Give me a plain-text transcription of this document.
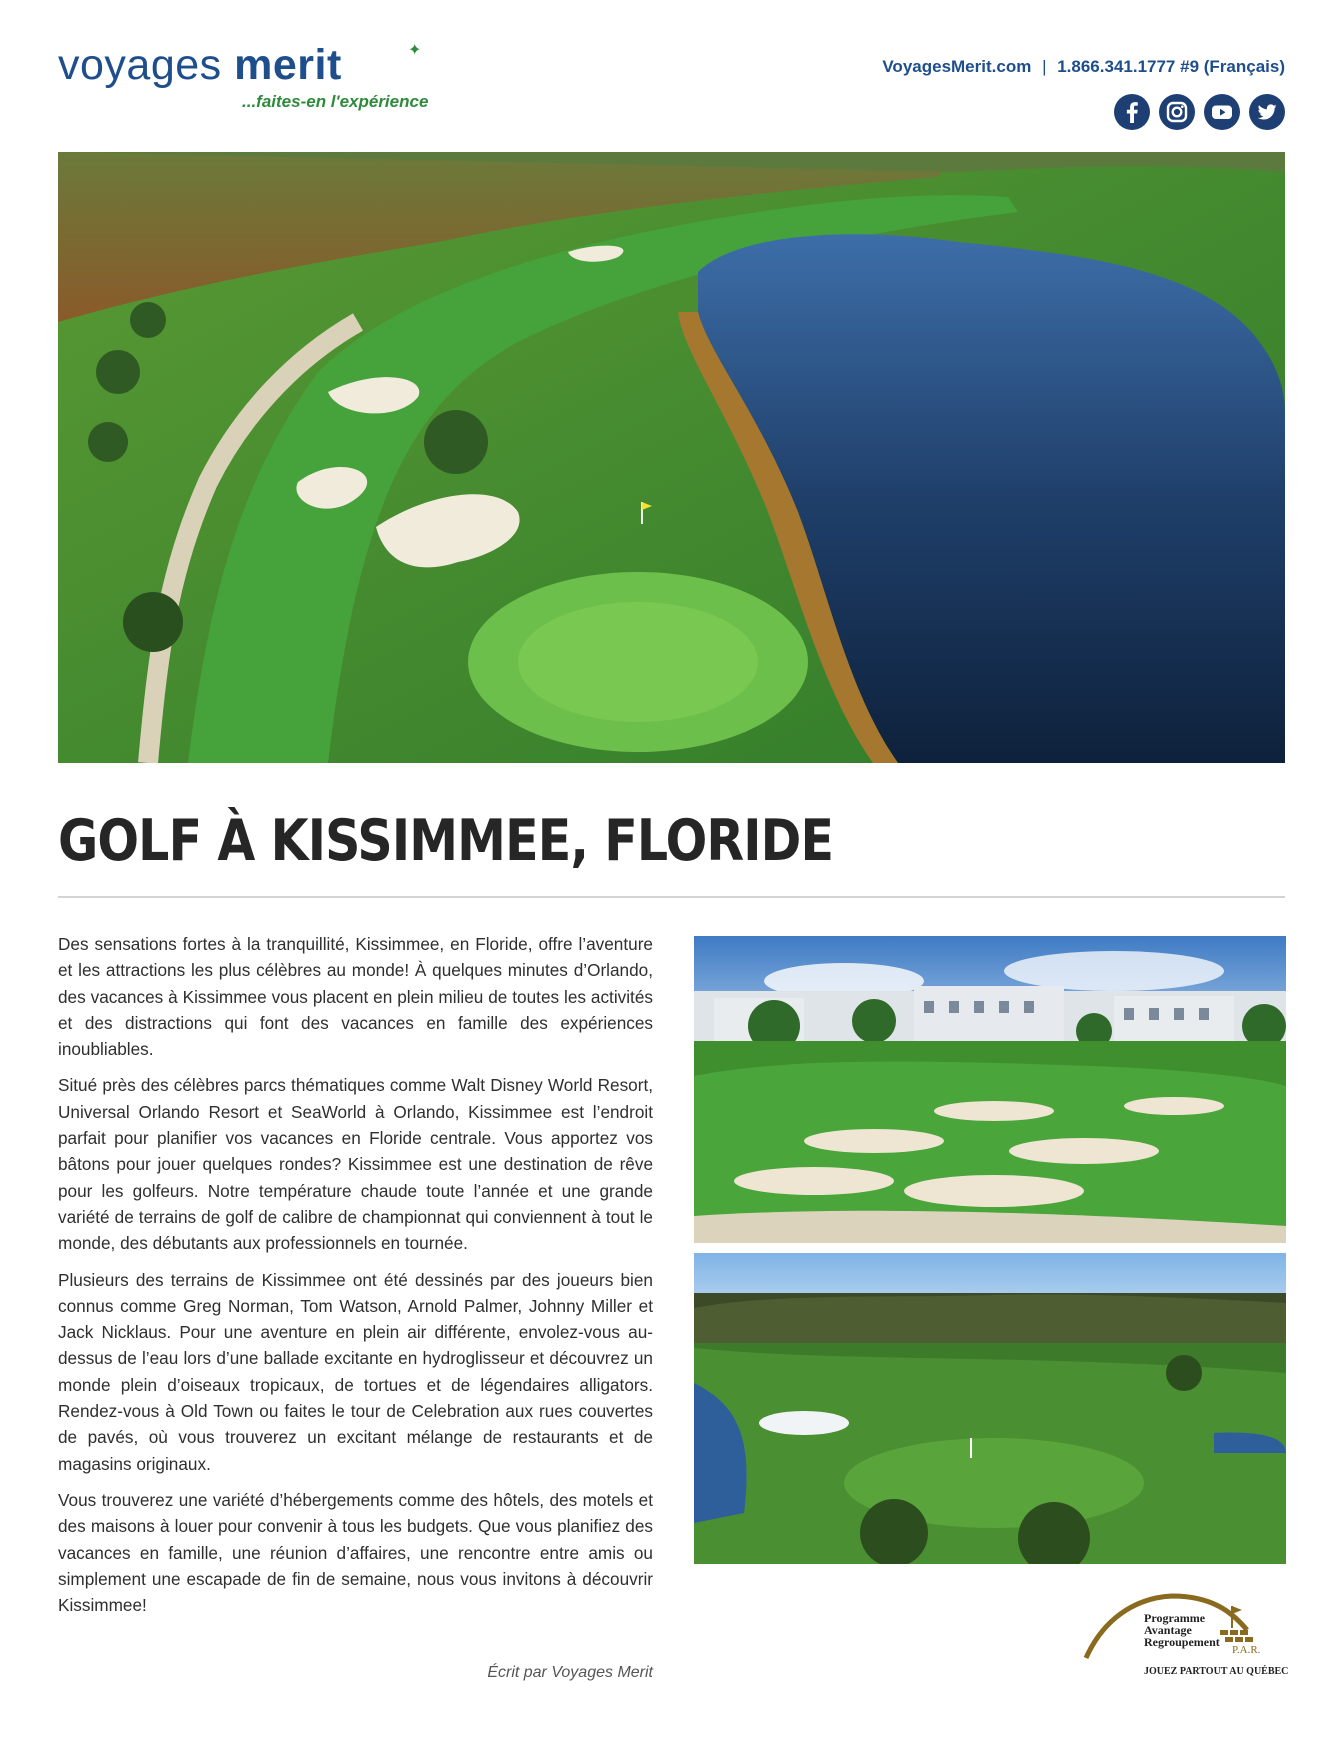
voyages merit	✦
...faites-en l'expérience
VoyagesMerit.com | 1.866.341.1777 #9 (Français)
GOLF À KISSIMMEE, FLORIDE

Des sensations fortes à la tranquillité, Kissimmee, en Floride, offre l’aventure et les attractions les plus célèbres au monde! À quelques minutes d’Orlando, des vacances à Kissimmee vous placent en plein milieu de toutes les activités et des distractions qui font des vacances en famille des expériences inoubliables.

Situé près des célèbres parcs thématiques comme Walt Disney World Resort, Universal Orlando Resort et SeaWorld à Orlando, Kissimmee est l’endroit parfait pour planifier vos vacances en Floride centrale. Vous apportez vos bâtons pour jouer quelques rondes? Kissimmee est une destination de rêve pour les golfeurs. Notre température chaude toute l’année et une grande variété de terrains de golf de calibre de championnat qui conviennent à tout le monde, des débutants aux professionnels en tournée.

Plusieurs des terrains de Kissimmee ont été dessinés par des joueurs bien connus comme Greg Norman, Tom Watson, Arnold Palmer, Johnny Miller et Jack Nicklaus. Pour une aventure en plein air différente, envolez-vous au-dessus de l’eau lors d’une ballade excitante en hydroglisseur et découvrez un monde plein d’oiseaux tropicaux, de tortues et de légendaires alligators. Rendez-vous à Old Town ou faites le tour de Celebration aux rues couvertes de pavés, où vous trouverez un excitant mélange de restaurants et de magasins originaux.

Vous trouverez une variété d’hébergements comme des hôtels, des motels et des maisons à louer pour convenir à tous les budgets. Que vous planifiez des vacances en famille, une réunion d’affaires, une rencontre entre amis ou simplement une escapade de fin de semaine, nous vous invitons à découvrir Kissimmee!

Écrit par Voyages Merit
Programme
Avantage
Regroupement
P.A.R.
JOUEZ PARTOUT AU QUÉBEC
